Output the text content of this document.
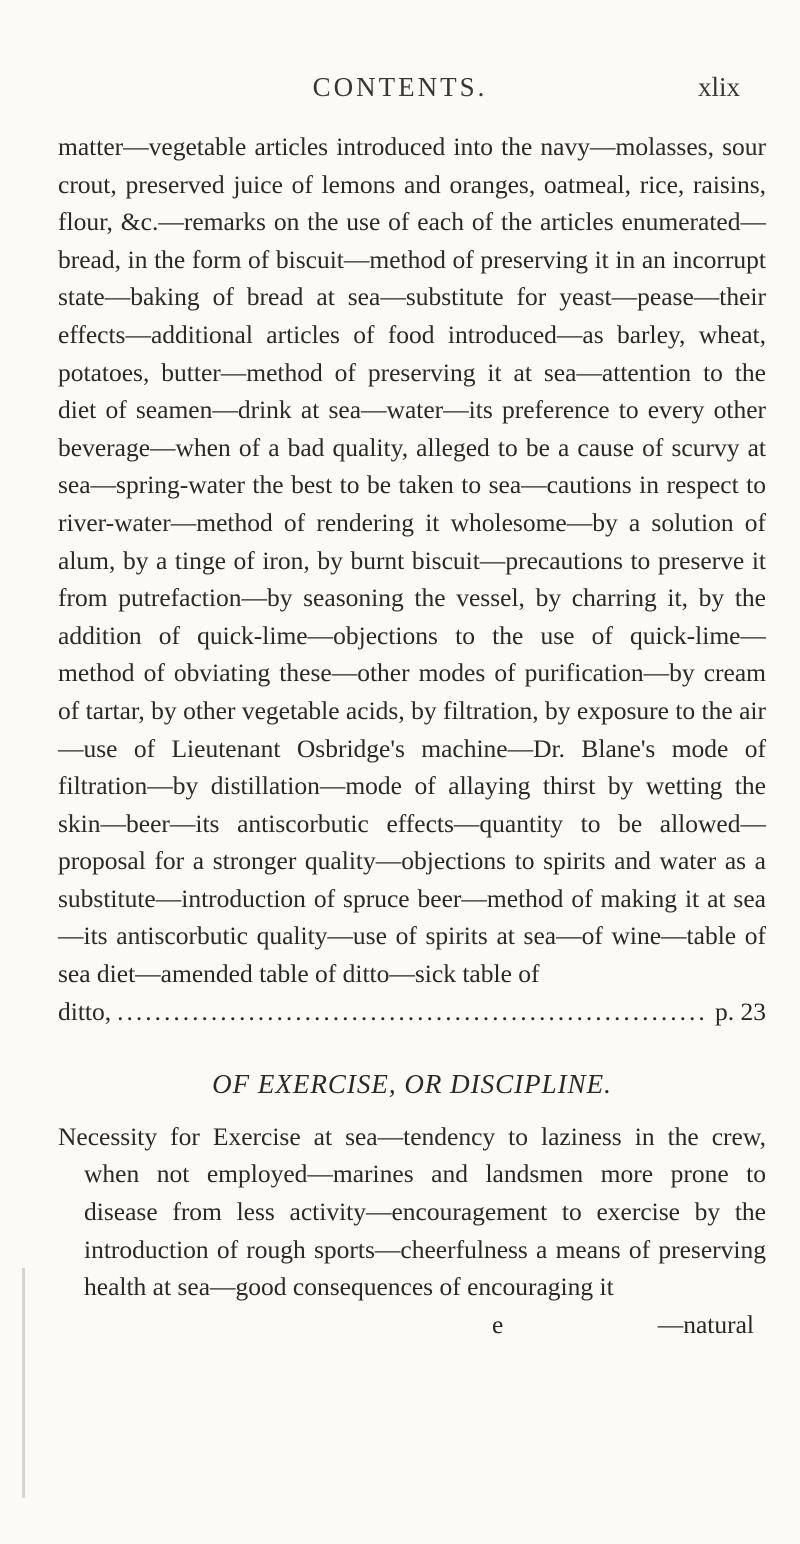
CONTENTS.	xlix

matter—vegetable articles introduced into the navy—molasses, sour crout, preserved juice of lemons and oranges, oatmeal, rice, raisins, flour, &c.—remarks on the use of each of the articles enumerated—bread, in the form of biscuit—method of preserving it in an incorrupt state—baking of bread at sea—substitute for yeast—pease—their effects—additional articles of food introduced—as barley, wheat, potatoes, butter—method of preserving it at sea—attention to the diet of seamen—drink at sea—water—its preference to every other beverage—when of a bad quality, alleged to be a cause of scurvy at sea—spring-water the best to be taken to sea—cautions in respect to river-water—method of rendering it wholesome—by a solution of alum, by a tinge of iron, by burnt biscuit—precautions to preserve it from putrefaction—by seasoning the vessel, by charring it, by the addition of quick-lime—objections to the use of quick-lime—method of obviating these—other modes of purification—by cream of tartar, by other vegetable acids, by filtration, by exposure to the air—use of Lieutenant Osbridge's machine—Dr. Blane's mode of filtration—by distillation—mode of allaying thirst by wetting the skin—beer—its antiscorbutic effects—quantity to be allowed—proposal for a stronger quality—objections to spirits and water as a substitute—introduction of spruce beer—method of making it at sea—its antiscorbutic quality—use of spirits at sea—of wine—table of sea diet—amended table of ditto—sick table of

ditto,
.....	p. 23
OF EXERCISE, OR DISCIPLINE.

Necessity for Exercise at sea—tendency to laziness in the crew, when not employed—marines and landsmen more prone to disease from less activity—encouragement to exercise by the introduction of rough sports—cheerfulness a means of preserving health at sea—good consequences of encouraging it

e	—natural
